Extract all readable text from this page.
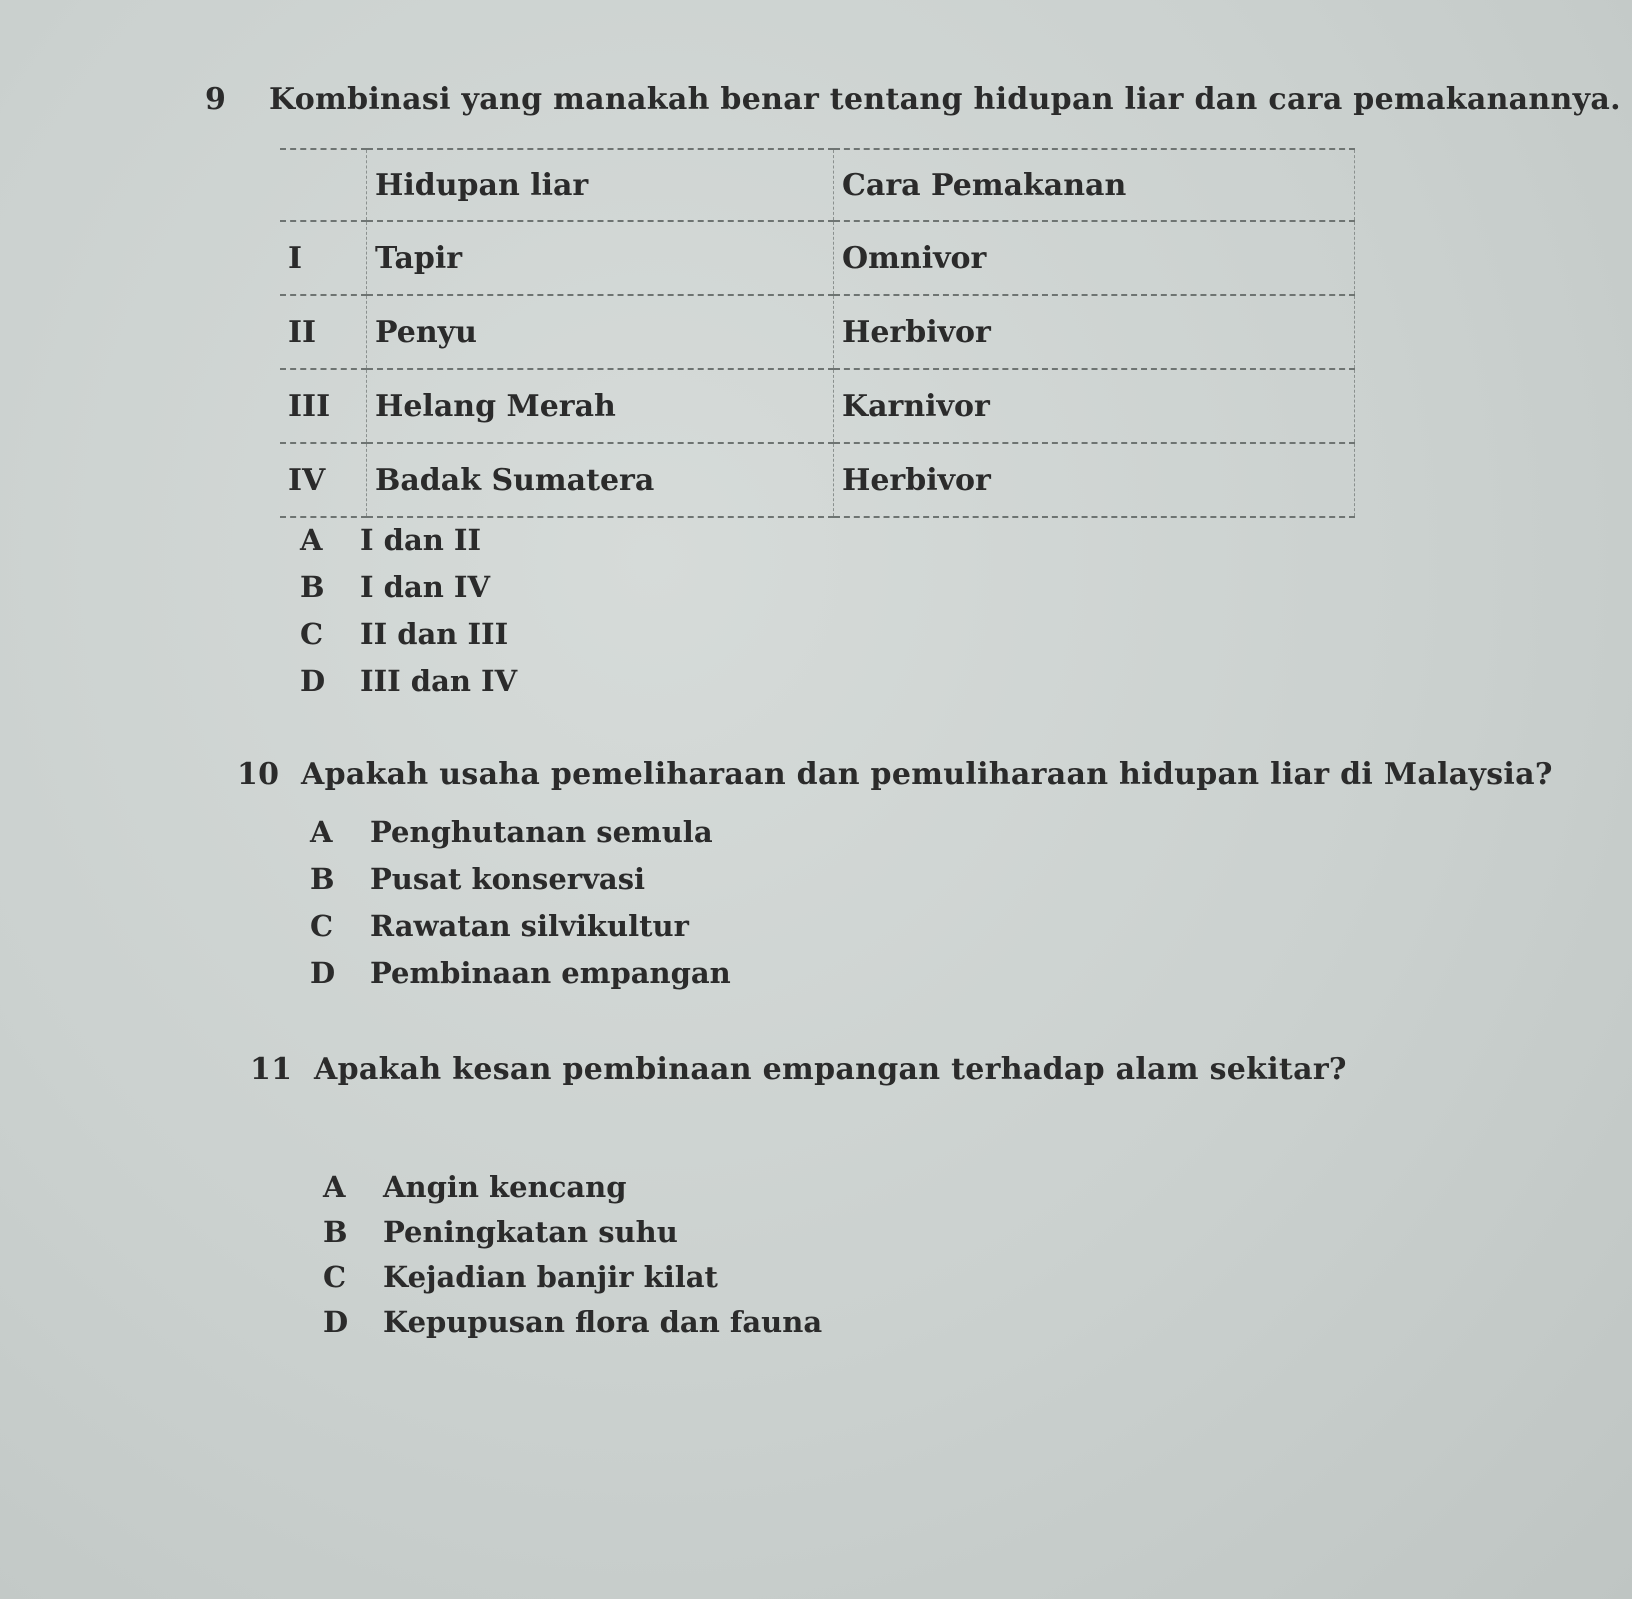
9 Kombinasi yang manakah benar tentang hidupan liar dan cara pemakanannya.
	Hidupan liar	Cara Pemakanan
I	Tapir	Omnivor
II	Penyu	Herbivor
III	Helang Merah	Karnivor
IV	Badak Sumatera	Herbivor
A I dan II
B I dan IV
C II dan III
D III dan IV
10 Apakah usaha pemeliharaan dan pemuliharaan hidupan liar di Malaysia?
A Penghutanan semula
B Pusat konservasi
C Rawatan silvikultur
D Pembinaan empangan
11 Apakah kesan pembinaan empangan terhadap alam sekitar?
A Angin kencang
B Peningkatan suhu
C Kejadian banjir kilat
D Kepupusan flora dan fauna
